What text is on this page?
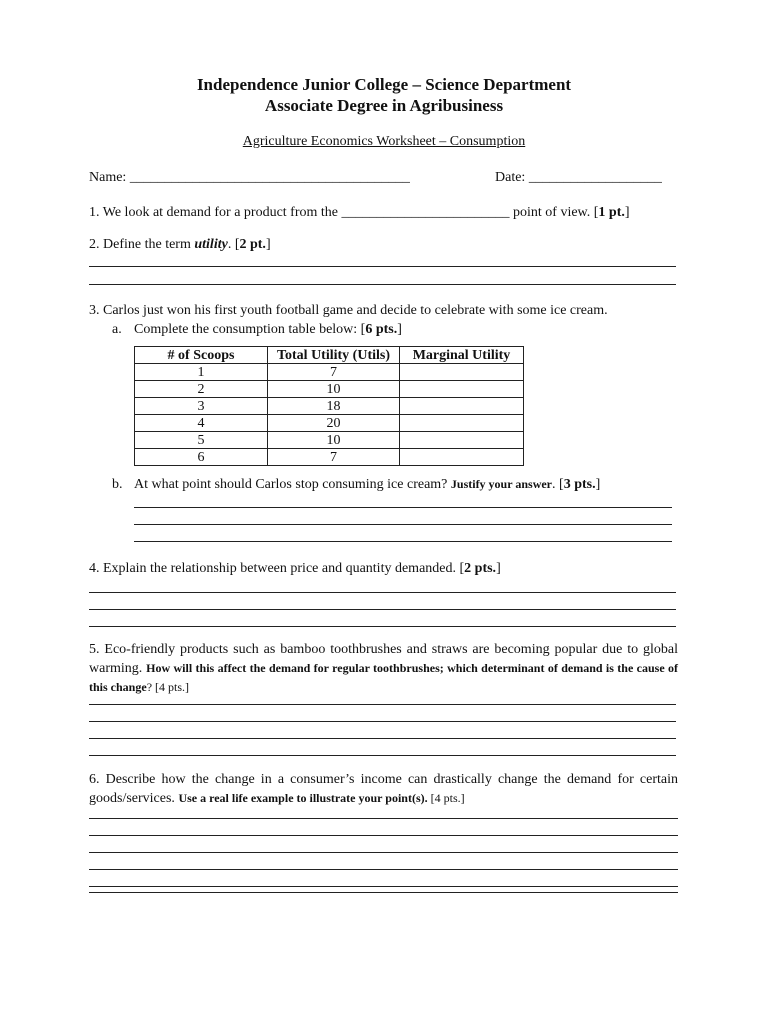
Independence Junior College – Science Department
Associate Degree in Agribusiness
Agriculture Economics Worksheet – Consumption
Name: ________________________________________	Date: ___________________
1. We look at demand for a product from the ________________________ point of view. [1 pt.]
2. Define the term utility. [2 pt.]
3. Carlos just won his first youth football game and decide to celebrate with some ice cream.
a. Complete the consumption table below: [6 pts.]
# of Scoops	Total Utility (Utils)	Marginal Utility
1	7	
2	10	
3	18	
4	20	
5	10	
6	7	
b. At what point should Carlos stop consuming ice cream? Justify your answer. [3 pts.]
4. Explain the relationship between price and quantity demanded. [2 pts.]
5. Eco-friendly products such as bamboo toothbrushes and straws are becoming popular due to global warming. How will this affect the demand for regular toothbrushes; which determinant of demand is the cause of this change? [4 pts.]
6. Describe how the change in a consumer’s income can drastically change the demand for certain goods/services. Use a real life example to illustrate your point(s). [4 pts.]
